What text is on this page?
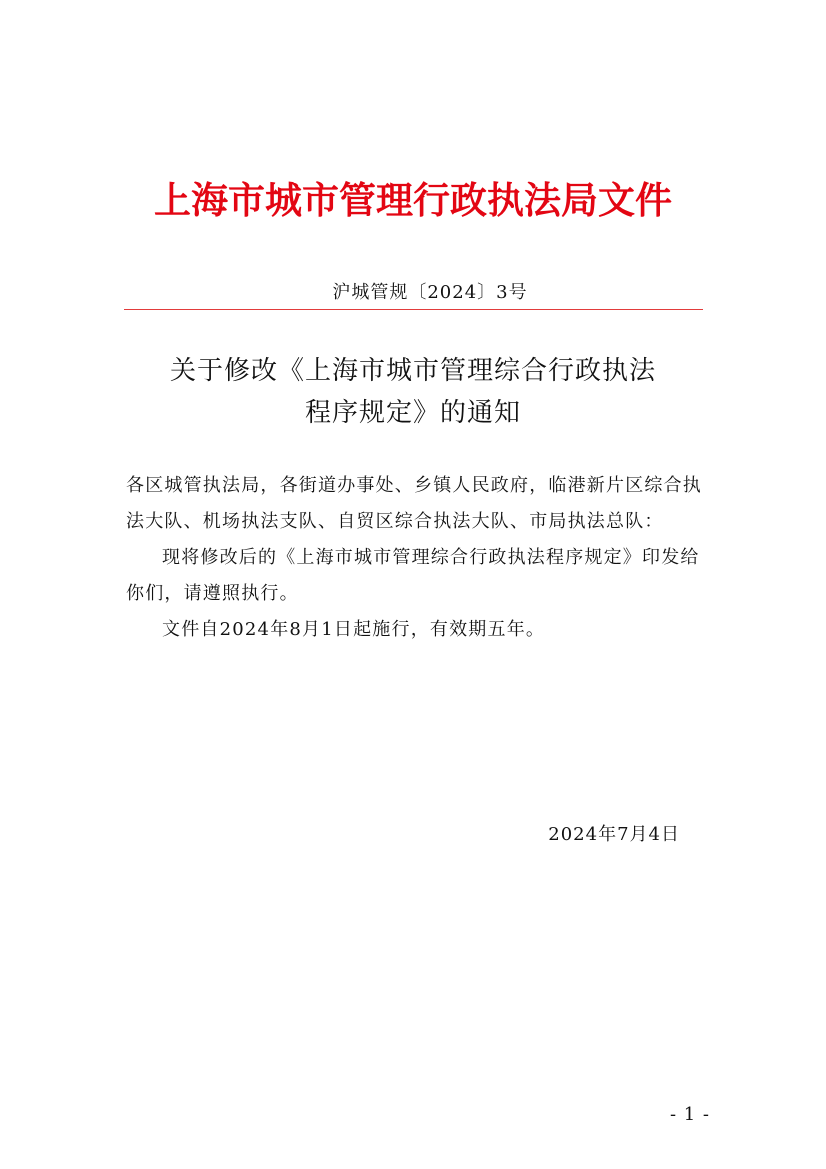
上海市城市管理行政执法局文件
沪城管规〔2024〕3号
关于修改《上海市城市管理综合行政执法
程序规定》的通知

各区城管执法局，各街道办事处、乡镇人民政府，临港新片区综合执法大队、机场执法支队、自贸区综合执法大队、市局执法总队：

现将修改后的《上海市城市管理综合行政执法程序规定》印发给你们，请遵照执行。

文件自2024年8月1日起施行，有效期五年。

2024年7月4日
- 1 -
